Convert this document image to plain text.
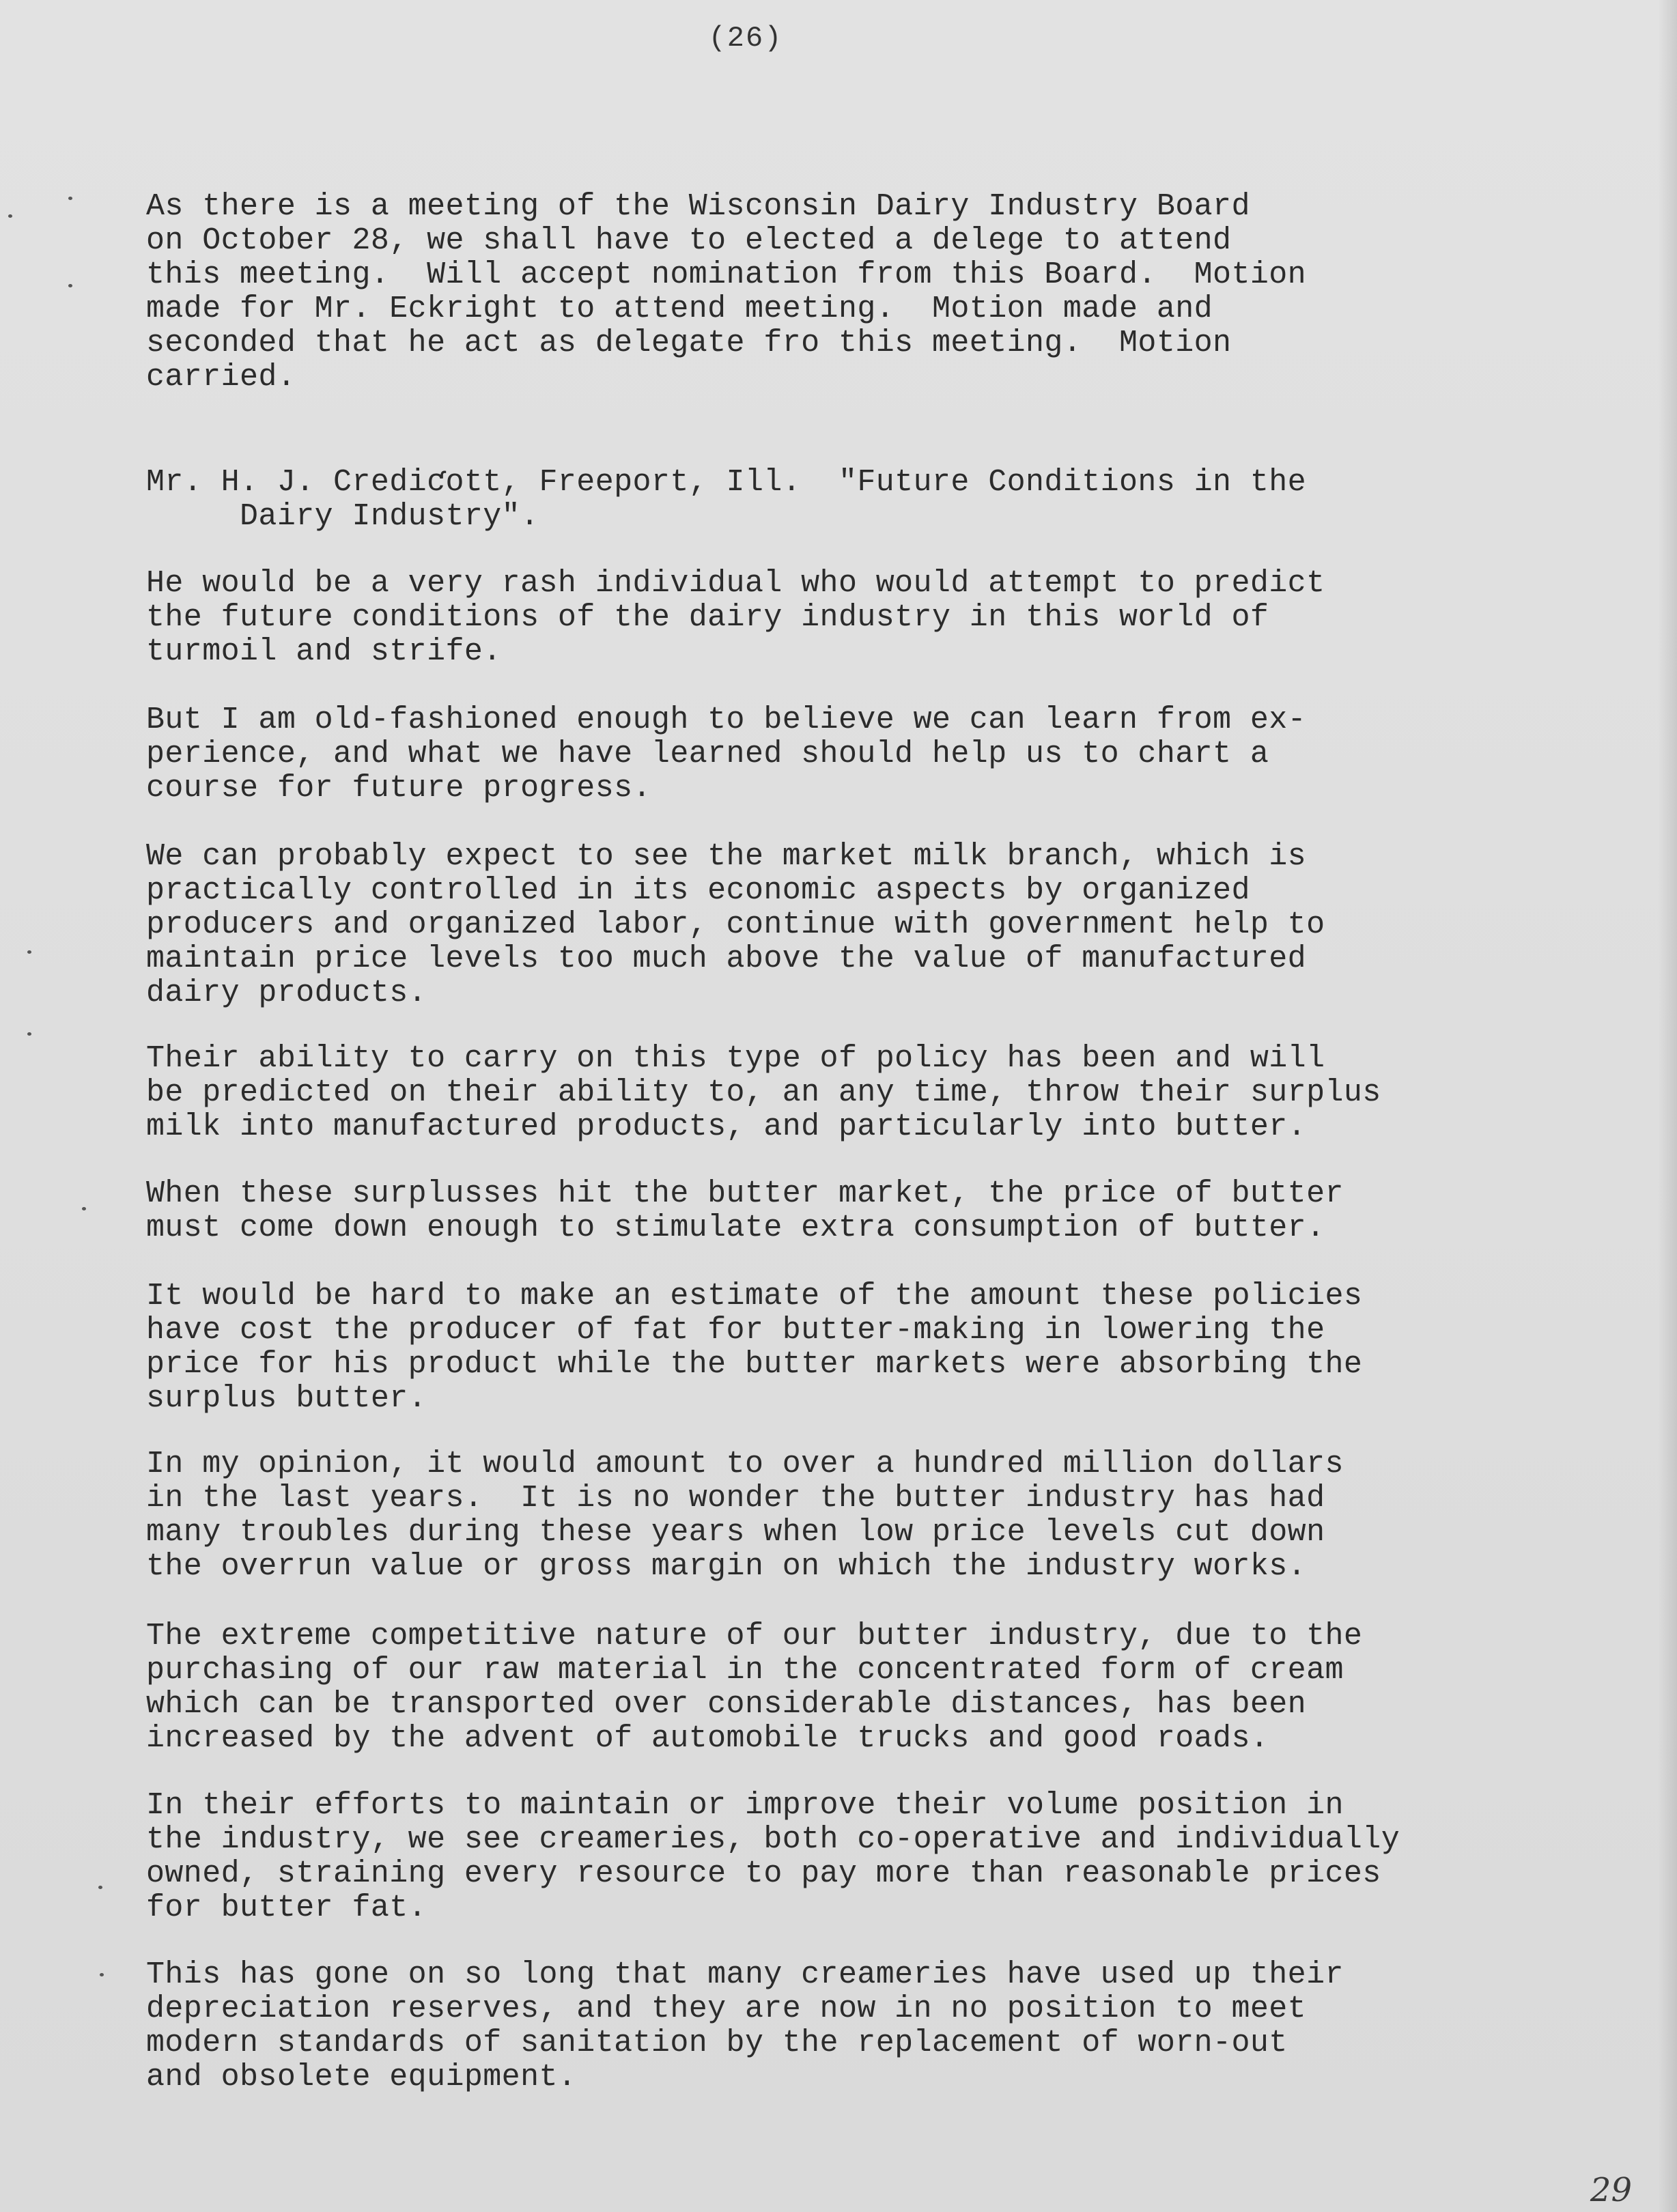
(26)
As there is a meeting of the Wisconsin Dairy Industry Board
on October 28, we shall have to elected a delege to attend
this meeting.  Will accept nomination from this Board.  Motion
made for Mr. Eckright to attend meeting.  Motion made and
seconded that he act as delegate fro this meeting.  Motion
carried.
Mr. H. J. Crediƈott, Freeport, Ill.  "Future Conditions in the
Dairy Industry".
He would be a very rash individual who would attempt to predict
the future conditions of the dairy industry in this world of
turmoil and strife.
But I am old-fashioned enough to believe we can learn from ex-
perience, and what we have learned should help us to chart a
course for future progress.
We can probably expect to see the market milk branch, which is
practically controlled in its economic aspects by organized
producers and organized labor, continue with government help to
maintain price levels too much above the value of manufactured
dairy products.
Their ability to carry on this type of policy has been and will
be predicted on their ability to, an any time, throw their surplus
milk into manufactured products, and particularly into butter.
When these surplusses hit the butter market, the price of butter
must come down enough to stimulate extra consumption of butter.
It would be hard to make an estimate of the amount these policies
have cost the producer of fat for butter-making in lowering the
price for his product while the butter markets were absorbing the
surplus butter.
In my opinion, it would amount to over a hundred million dollars
in the last years.  It is no wonder the butter industry has had
many troubles during these years when low price levels cut down
the overrun value or gross margin on which the industry works.
The extreme competitive nature of our butter industry, due to the
purchasing of our raw material in the concentrated form of cream
which can be transported over considerable distances, has been
increased by the advent of automobile trucks and good roads.
In their efforts to maintain or improve their volume position in
the industry, we see creameries, both co-operative and individually
owned, straining every resource to pay more than reasonable prices
for butter fat.
This has gone on so long that many creameries have used up their
depreciation reserves, and they are now in no position to meet
modern standards of sanitation by the replacement of worn-out
and obsolete equipment.
29
